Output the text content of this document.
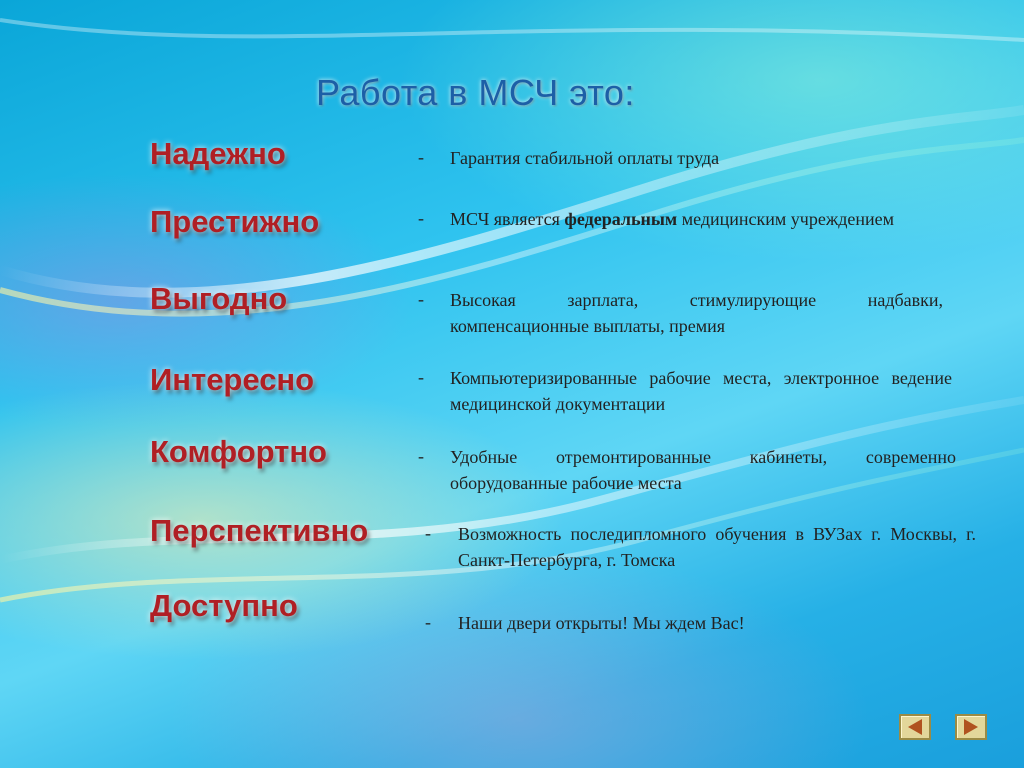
Работа в МСЧ это:
Надежно	- Гарантия стабильной оплаты труда
Престижно	- МСЧ является федеральным медицинским учреждением
Выгодно	- Высокая зарплата, стимулирующие надбавки, компенсационные выплаты, премия
Интересно	- Компьютеризированные рабочие места, электронное ведение медицинской документации
Комфортно	- Удобные отремонтированные кабинеты, современно оборудованные рабочие места
Перспективно	- Возможность последипломного обучения в ВУЗах г. Москвы, г. Санкт-Петербурга, г. Томска
Доступно	- Наши двери открыты! Мы ждем Вас!
